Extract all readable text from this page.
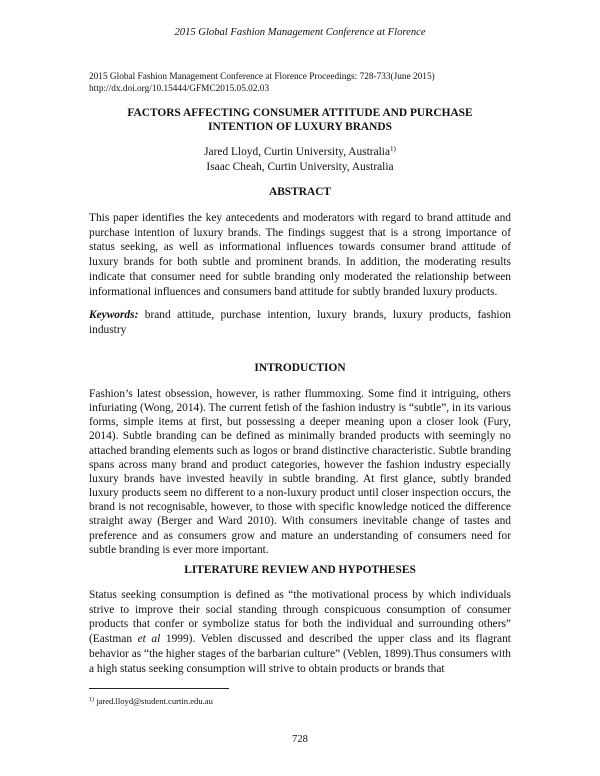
2015 Global Fashion Management Conference at Florence
2015 Global Fashion Management Conference at Florence Proceedings: 728-733(June 2015)
http://dx.doi.org/10.15444/GFMC2015.05.02.03
FACTORS AFFECTING CONSUMER ATTITUDE AND PURCHASE
INTENTION OF LUXURY BRANDS
Jared Lloyd, Curtin University, Australia$^{1)}$
Isaac Cheah, Curtin University, Australia
ABSTRACT
This paper identifies the key antecedents and moderators with regard to brand attitude and purchase intention of luxury brands. The findings suggest that is a strong importance of status seeking, as well as informational influences towards consumer brand attitude of luxury brands for both subtle and prominent brands. In addition, the moderating results indicate that consumer need for subtle branding only moderated the relationship between informational influences and consumers band attitude for subtly branded luxury products.
Keywords: brand attitude, purchase intention, luxury brands, luxury products, fashion industry
INTRODUCTION
Fashion’s latest obsession, however, is rather flummoxing. Some find it intriguing, others infuriating (Wong, 2014). The current fetish of the fashion industry is “subtle”, in its various forms, simple items at first, but possessing a deeper meaning upon a closer look (Fury, 2014). Subtle branding can be defined as minimally branded products with seemingly no attached branding elements such as logos or brand distinctive characteristic. Subtle branding spans across many brand and product categories, however the fashion industry especially luxury brands have invested heavily in subtle branding. At first glance, subtly branded luxury products seem no different to a non-luxury product until closer inspection occurs, the brand is not recognisable, however, to those with specific knowledge noticed the difference straight away (Berger and Ward 2010). With consumers inevitable change of tastes and preference and as consumers grow and mature an understanding of consumers need for subtle branding is ever more important.
LITERATURE REVIEW AND HYPOTHESES
Status seeking consumption is defined as “the motivational process by which individuals strive to improve their social standing through conspicuous consumption of consumer products that confer or symbolize status for both the individual and surrounding others” (Eastman et al 1999). Veblen discussed and described the upper class and its flagrant behavior as “the higher stages of the barbarian culture” (Veblen, 1899).Thus consumers with a high status seeking consumption will strive to obtain products or brands that
$^{1)}$ jared.lloyd@student.curtin.edu.au
728
